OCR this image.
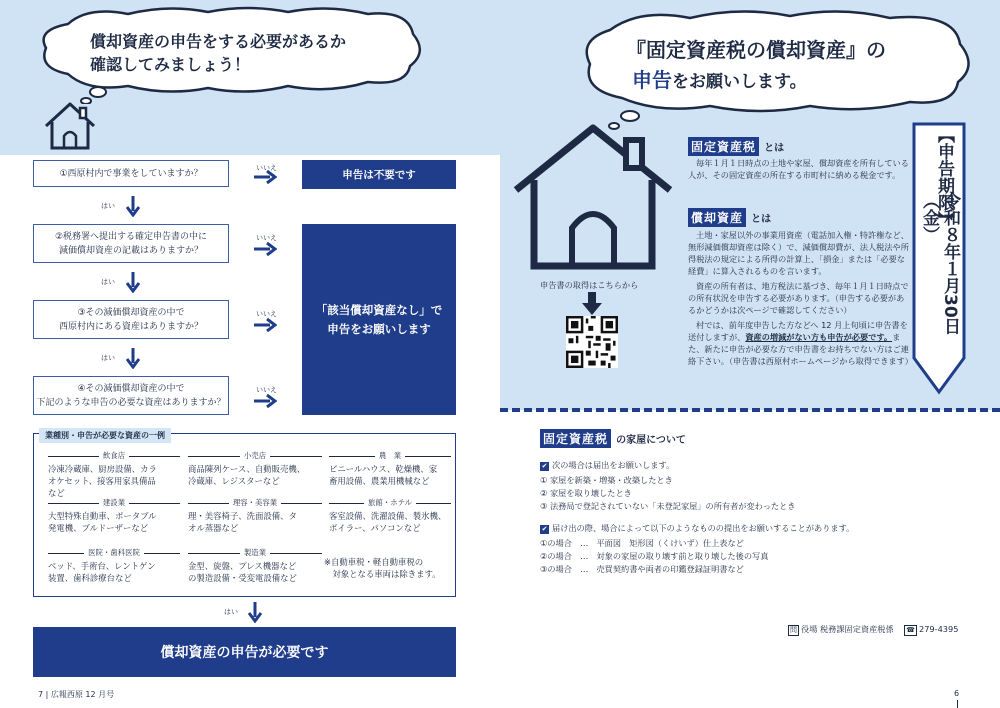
償却資産の申告をする必要があるか
確認してみましょう！
①西原村内で事業をしていますか？
いいえ
申告は不要です
はい
②税務署へ提出する確定申告書の中に
減価償却資産の記載はありますか？
いいえ
はい
③その減価償却資産の中で
西原村内にある資産はありますか？
いいえ
はい
④その減価償却資産の中で
下記のような申告の必要な資産はありますか？
いいえ
「該当償却資産なし」で
申告をお願いします
業種別・申告が必要な資産の一例
飲食店
冷凍冷蔵庫、厨房設備、カラ
オケセット、接客用家具備品
など
小売店
商品陳列ケース、自動販売機、
冷蔵庫、レジスターなど
農　業
ビニールハウス、乾燥機、家
畜用設備、農業用機械など
建設業
大型特殊自動車、ポータブル
発電機、ブルドーザーなど
理容・美容業
理・美容椅子、洗面設備、タ
オル蒸器など
旅館・ホテル
客室設備、洗濯設備、製氷機、
ボイラー、パソコンなど
医院・歯科医院
ベッド、手術台、レントゲン
装置、歯科診療台など
製造業
金型、旋盤、プレス機器など
の製造設備・受変電設備など
※自動車税・軽自動車税の
　対象となる車両は除きます。
はい
償却資産の申告が必要です
7 | 広報西原 12 月号
『固定資産税の償却資産』の
申告をお願いします。
申告書の取得はこちらから
固定資産税 とは
毎年１月１日時点の土地や家屋、償却資産を所有している人が、その固定資産の所在する市町村に納める税金です。
償却資産 とは
土地・家屋以外の事業用資産（電話加入権・特許権など、無形減価償却資産は除く）で、減価償却費が、法人税法や所得税法の規定による所得の計算上、「損金」または「必要な経費」に算入されるものを言います。
資産の所有者は、地方税法に基づき、毎年１月１日時点での所有状況を申告する必要があります。（申告する必要があるかどうかは次ページで確認してください）
村では、前年度申告した方などへ 12 月上旬頃に申告書を送付しますが、資産の増減がない方も申告が必要です。また、新たに申告が必要な方で申告書をお持ちでない方はご連絡下さい。（申告書は西原村ホームページから取得できます）
【申告期限】
令和８年１月30日（金）
固定資産税 の家屋について
✔ 次の場合は届出をお願いします。
① 家屋を新築・増築・改築したとき
② 家屋を取り壊したとき
③ 法務局で登記されていない「未登記家屋」の所有者が変わったとき
✔ 届け出の際、場合によって以下のようなものの提出をお願いすることがあります。
①の場合　…　平面図　矩形図（くけいず）仕上表など
②の場合　…　対象の家屋の取り壊す前と取り壊した後の写真
③の場合　…　売買契約書や両者の印鑑登録証明書など
問 役場 税務課固定資産税係 ☎ 279-4395
6
